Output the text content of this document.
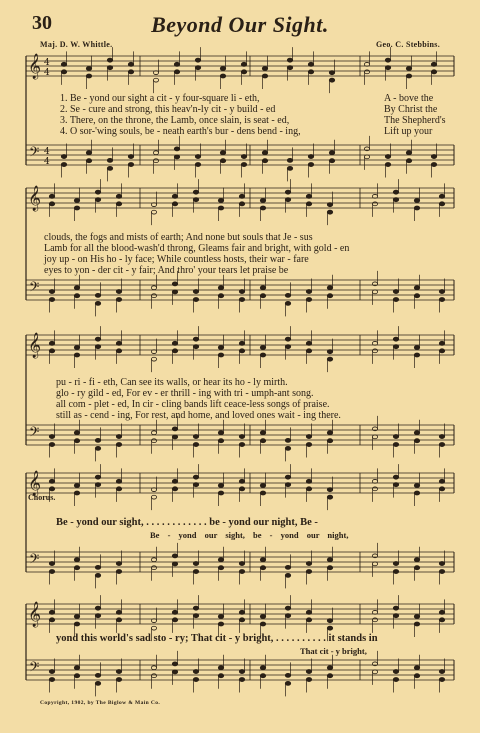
30	Beyond Our Sight.
Maj. D. W. Whittle.	Geo. C. Stebbins.
𝄞
𝄢
4
4
4
4
𝄞
𝄢
𝄞
𝄢
𝄞
𝄢
𝄞
𝄢
1. Be - yond our sight a cit - y four-square li - eth,
2. Se - cure and strong, this heav'n-ly cit - y build - ed
3. There, on the throne, the Lamb, once slain, is seat - ed,
4. O sor-'wing souls, be - neath earth's bur - dens bend - ing,
A - bove the
By Christ the
The Shepherd's
Lift up your
clouds, the fogs and mists of earth; And none but souls that Je - sus
Lamb for all the blood-wash'd throng, Gleams fair and bright, with gold - en
joy up - on His ho - ly face; While countless hosts, their war - fare
eyes to yon - der cit - y fair; And thro' your tears let praise be
pu - ri - fi - eth, Can see its walls, or hear its ho - ly mirth.
glo - ry gild - ed, For ev - er thrill - ing with tri - umph-ant song.
all com - plet - ed, In cir - cling bands lift ceace-less songs of praise.
still as - cend - ing, For rest, and home, and loved ones wait - ing there.
Chorus.
Be - yond our sight, . . . . . . . . . . . . be - yond our night, Be -
Be - yond our sight, be - yond our night,
yond this world's sad sto - ry; That cit - y bright, . . . . . . . . . . it stands in
That cit - y bright,
Copyright, 1902, by The Biglow & Main Co.
